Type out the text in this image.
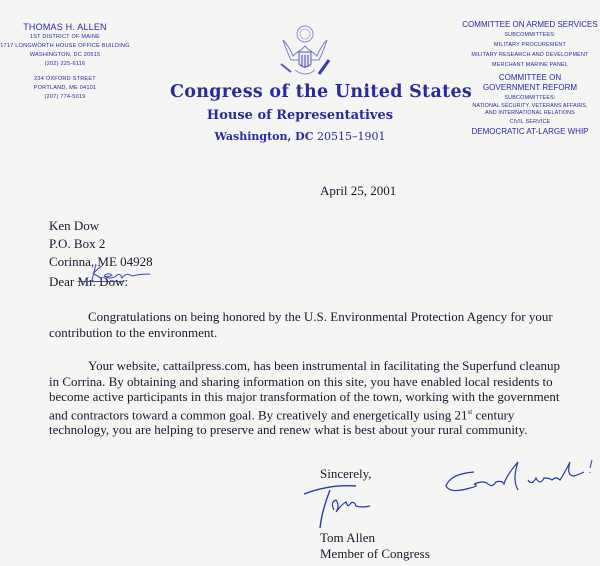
THOMAS H. ALLEN
1ST DISTRICT OF MAINE
1717 LONGWORTH HOUSE OFFICE BUILDING
WASHINGTON, DC 20515
(202) 225-6116
234 OXFORD STREET
PORTLAND, ME 04101
(207) 774-5019	Congress of the United States
House of Representatives
Washington, DC 20515–1901
COMMITTEE ON ARMED SERVICES
SUBCOMMITTEES:
MILITARY PROCUREMENT
MILITARY RESEARCH AND DEVELOPMENT
MERCHANT MARINE PANEL
COMMITTEE ON
GOVERNMENT REFORM
SUBCOMMITTEES:
NATIONAL SECURITY, VETERANS AFFAIRS,
AND INTERNATIONAL RELATIONS
CIVIL SERVICE
DEMOCRATIC AT-LARGE WHIP
April 25, 2001
Ken Dow
P.O. Box 2
Corinna, ME 04928
Dear Mr. Dow:
Congratulations on being honored by the U.S. Environmental Protection Agency for your contribution to the environment.
Your website, cattailpress.com, has been instrumental in facilitating the Superfund cleanup in Corrina. By obtaining and sharing information on this site, you have enabled local residents to become active participants in this major transformation of the town, working with the government and contractors toward a common goal. By creatively and energetically using 21st century technology, you are helping to preserve and renew what is best about your rural community.
Sincerely,
Tom Allen
Member of Congress
